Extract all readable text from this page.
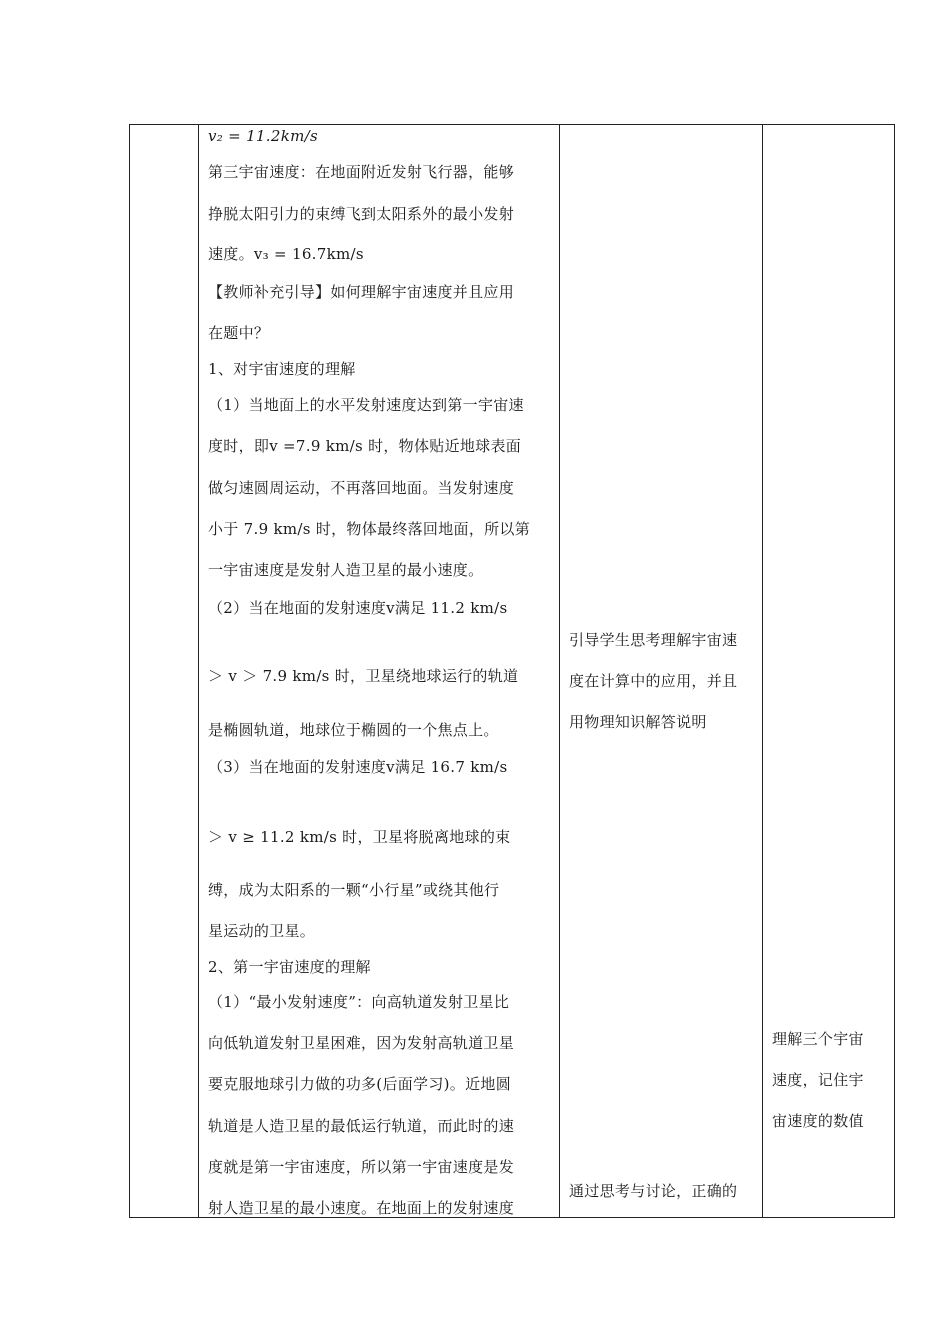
v₂ = 11.2km/s
第三宇宙速度：在地面附近发射飞行器，能够
挣脱太阳引力的束缚飞到太阳系外的最小发射
速度。v₃ = 16.7km/s
【教师补充引导】如何理解宇宙速度并且应用
在题中？
1、对宇宙速度的理解
（1）当地面上的水平发射速度达到第一宇宙速
度时，即v =7.9 km/s 时，物体贴近地球表面
做匀速圆周运动，不再落回地面。当发射速度
小于 7.9 km/s 时，物体最终落回地面，所以第
一宇宙速度是发射人造卫星的最小速度。
（2）当在地面的发射速度v满足 11.2 km/s
＞ v ＞ 7.9 km/s 时，卫星绕地球运行的轨道
是椭圆轨道，地球位于椭圆的一个焦点上。
（3）当在地面的发射速度v满足 16.7 km/s
＞ v ≥ 11.2 km/s 时，卫星将脱离地球的束
缚，成为太阳系的一颗“小行星”或绕其他行
星运动的卫星。
2、第一宇宙速度的理解
（1）“最小发射速度”：向高轨道发射卫星比
向低轨道发射卫星困难，因为发射高轨道卫星
要克服地球引力做的功多(后面学习)。近地圆
轨道是人造卫星的最低运行轨道，而此时的速
度就是第一宇宙速度，所以第一宇宙速度是发
射人造卫星的最小速度。在地面上的发射速度
引导学生思考理解宇宙速
度在计算中的应用，并且
用物理知识解答说明
通过思考与讨论，正确的
理解三个宇宙
速度，记住宇
宙速度的数值
